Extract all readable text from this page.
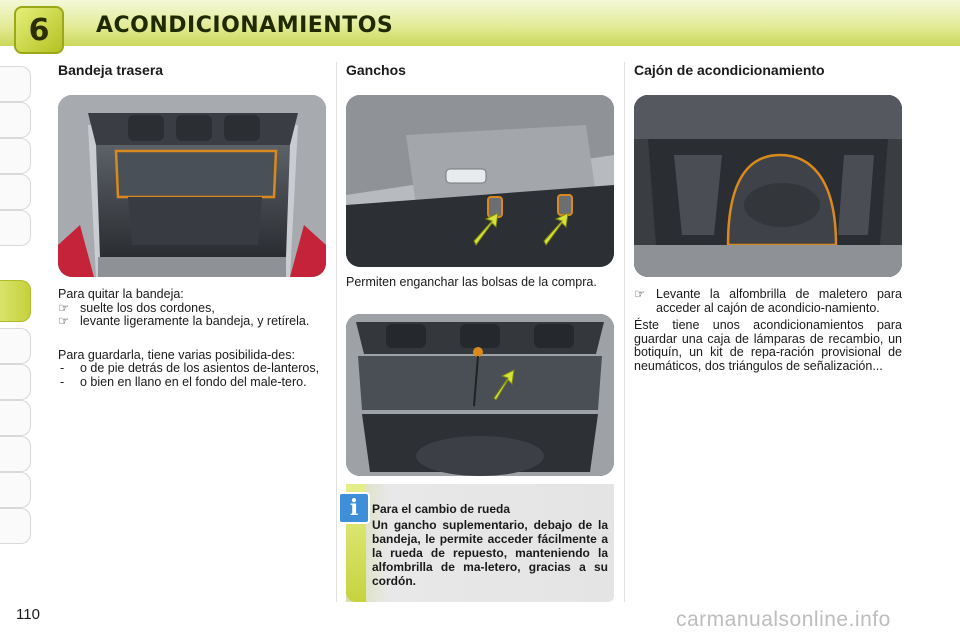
6	ACONDICIONAMIENTOS
Bandeja trasera

Para quitar la bandeja:

☞ suelte los dos cordones,

☞ levante ligeramente la bandeja, y retírela.

Para guardarla, tiene varias posibilida-des:

- o de pie detrás de los asientos de-lanteros,

- o bien en llano en el fondo del male-tero.

Ganchos
Permiten enganchar las bolsas de la compra.
i	Para el cambio de rueda
Un gancho suplementario, debajo de la bandeja, le permite acceder fácilmente a la rueda de repuesto, manteniendo la alfombrilla de ma-letero, gracias a su cordón.
Cajón de acondicionamiento

☞ Levante la alfombrilla de maletero para acceder al cajón de acondicio-namiento.

Éste tiene unos acondicionamientos para guardar una caja de lámparas de recambio, un botiquín, un kit de repa-ración provisional de neumáticos, dos triángulos de señalización...

110	carmanualsonline.info
